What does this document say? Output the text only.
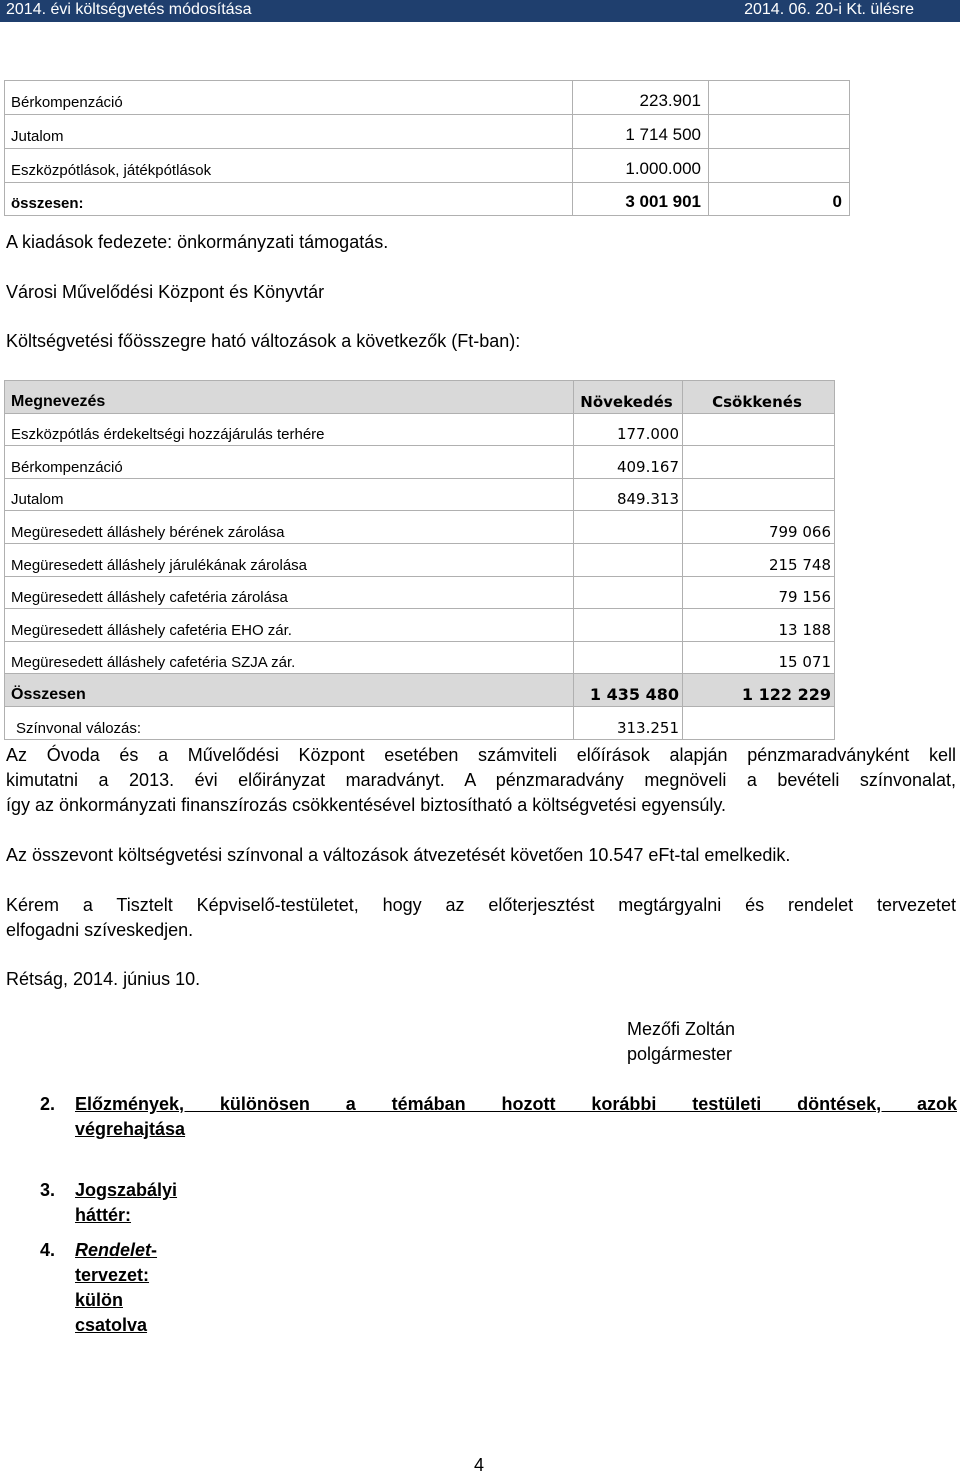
2014. évi költségvetés módosítása	2014. 06. 20-i Kt. ülésre
Bérkompenzáció	223.901	
Jutalom	1 714 500	
Eszközpótlások, játékpótlások	1.000.000	
összesen:	3 001 901	0
A kiadások fedezete: önkormányzati támogatás.
Városi Művelődési Központ és Könyvtár
Költségvetési főösszegre ható változások a következők (Ft-ban):
Megnevezés	Növekedés	Csökkenés
Eszközpótlás érdekeltségi hozzájárulás terhére	177.000	
Bérkompenzáció	409.167	
Jutalom	849.313	
Megüresedett álláshely bérének zárolása		799 066
Megüresedett álláshely járulékának zárolása		215 748
Megüresedett álláshely cafetéria zárolása		79 156
Megüresedett álláshely cafetéria EHO zár.		13 188
Megüresedett álláshely cafetéria SZJA zár.		15 071
Összesen	1 435 480	1 122 229
Színvonal válozás:	313.251	
Az Óvoda és a Művelődési Központ esetében számviteli előírások alapján pénzmaradványként kell
kimutatni a 2013. évi előirányzat maradványt. A pénzmaradvány megnöveli a bevételi színvonalat,
így az önkormányzati finanszírozás csökkentésével biztosítható a költségvetési egyensúly.
Az összevont költségvetési színvonal a változások átvezetését követően 10.547 eFt-tal emelkedik.
Kérem a Tisztelt Képviselő-testületet, hogy az előterjesztést megtárgyalni és rendelet tervezetet
elfogadni szíveskedjen.
Rétság, 2014. június 10.
Mezőfi Zoltán
polgármester
2. Előzmények, különösen a témában hozott korábbi testületi döntések, azok
végrehajtása
3. Jogszabályi háttér:
4. Rendelet-tervezet: külön csatolva
4
